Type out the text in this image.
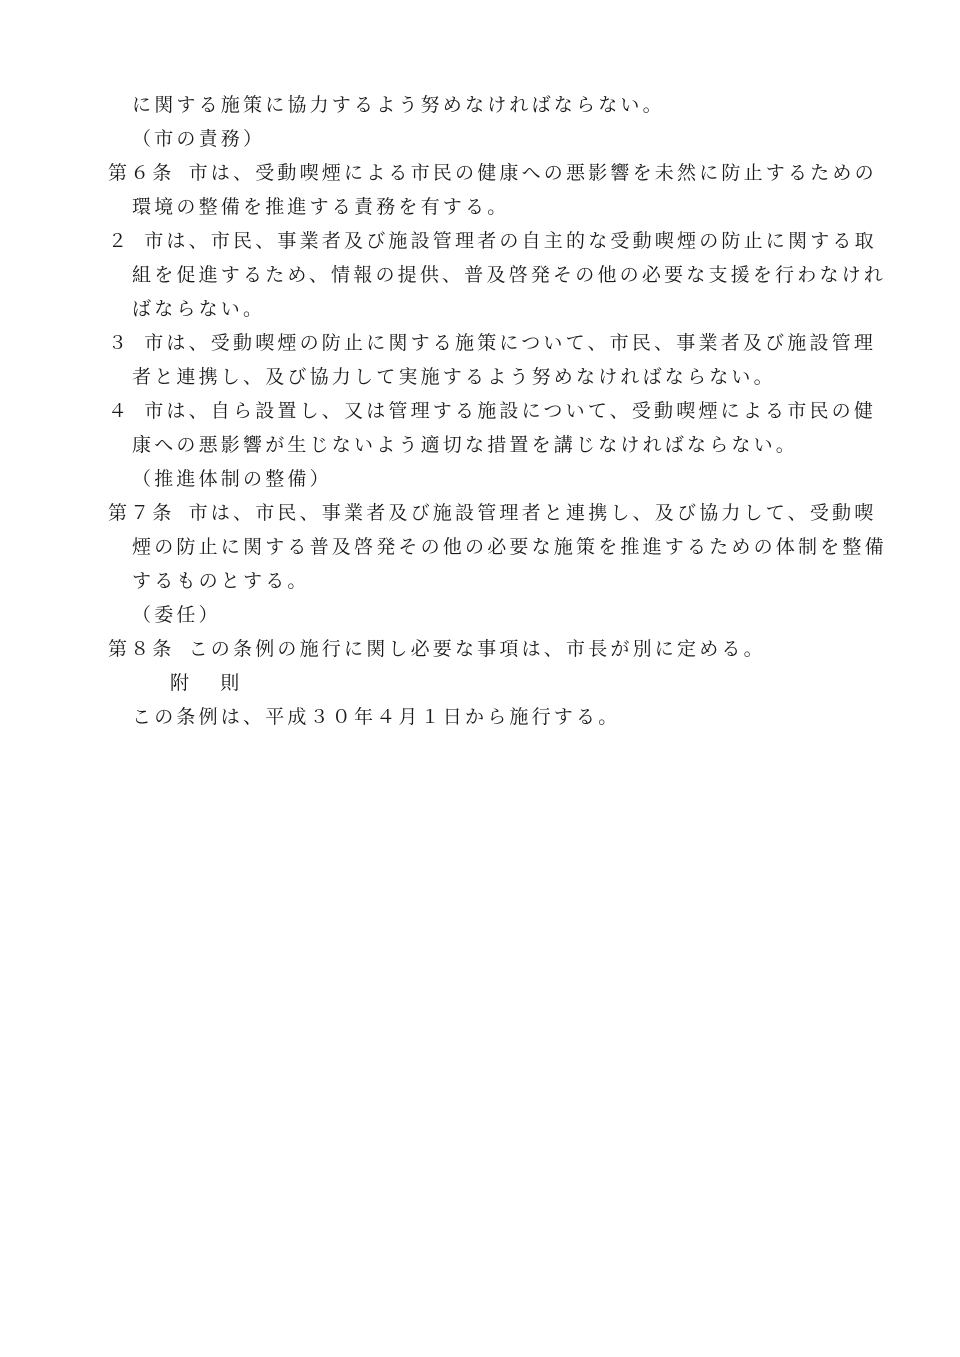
に関する施策に協力するよう努めなければならない。
（市の責務）
第６条 市は、受動喫煙による市民の健康への悪影響を未然に防止するための
環境の整備を推進する責務を有する。
２ 市は、市民、事業者及び施設管理者の自主的な受動喫煙の防止に関する取
組を促進するため、情報の提供、普及啓発その他の必要な支援を行わなけれ
ばならない。
３ 市は、受動喫煙の防止に関する施策について、市民、事業者及び施設管理
者と連携し、及び協力して実施するよう努めなければならない。
４ 市は、自ら設置し、又は管理する施設について、受動喫煙による市民の健
康への悪影響が生じないよう適切な措置を講じなければならない。
（推進体制の整備）
第７条 市は、市民、事業者及び施設管理者と連携し、及び協力して、受動喫
煙の防止に関する普及啓発その他の必要な施策を推進するための体制を整備
するものとする。
（委任）
第８条 この条例の施行に関し必要な事項は、市長が別に定める。
附 則
この条例は、平成３０年４月１日から施行する。
